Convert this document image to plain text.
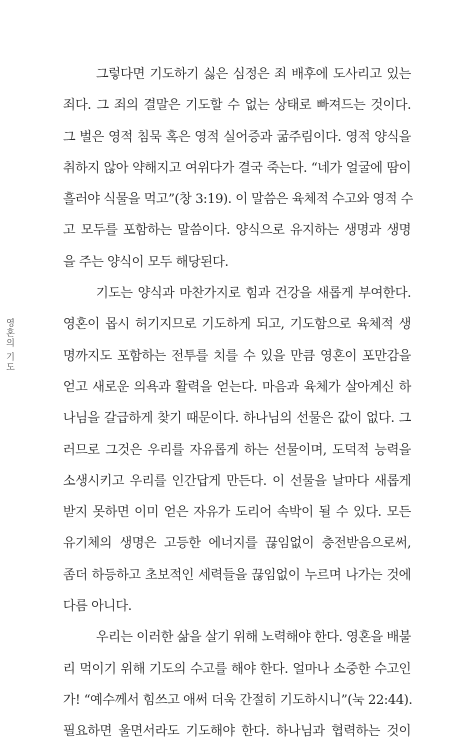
영혼의 기도

그렇다면 기도하기 싫은 심정은 죄 배후에 도사리고 있는
죄다. 그 죄의 결말은 기도할 수 없는 상태로 빠져드는 것이다.
그 벌은 영적 침묵 혹은 영적 실어증과 굶주림이다. 영적 양식을
취하지 않아 약해지고 여위다가 결국 죽는다. “네가 얼굴에 땀이
흘러야 식물을 먹고”(창 3:19). 이 말씀은 육체적 수고와 영적 수
고 모두를 포함하는 말씀이다. 양식으로 유지하는 생명과 생명
을 주는 양식이 모두 해당된다.

기도는 양식과 마찬가지로 힘과 건강을 새롭게 부여한다.
영혼이 몹시 허기지므로 기도하게 되고, 기도함으로 육체적 생
명까지도 포함하는 전투를 치를 수 있을 만큼 영혼이 포만감을
얻고 새로운 의욕과 활력을 얻는다. 마음과 육체가 살아계신 하
나님을 갈급하게 찾기 때문이다. 하나님의 선물은 값이 없다. 그
러므로 그것은 우리를 자유롭게 하는 선물이며, 도덕적 능력을
소생시키고 우리를 인간답게 만든다. 이 선물을 날마다 새롭게
받지 못하면 이미 얻은 자유가 도리어 속박이 될 수 있다. 모든
유기체의 생명은 고등한 에너지를 끊임없이 충전받음으로써,
좀더 하등하고 초보적인 세력들을 끊임없이 누르며 나가는 것에
다름 아니다.

우리는 이러한 삶을 살기 위해 노력해야 한다. 영혼을 배불
리 먹이기 위해 기도의 수고를 해야 한다. 얼마나 소중한 수고인
가! “예수께서 힘쓰고 애써 더욱 간절히 기도하시니”(눅 22:44).
필요하면 울면서라도 기도해야 한다. 하나님과 협력하는 것이
